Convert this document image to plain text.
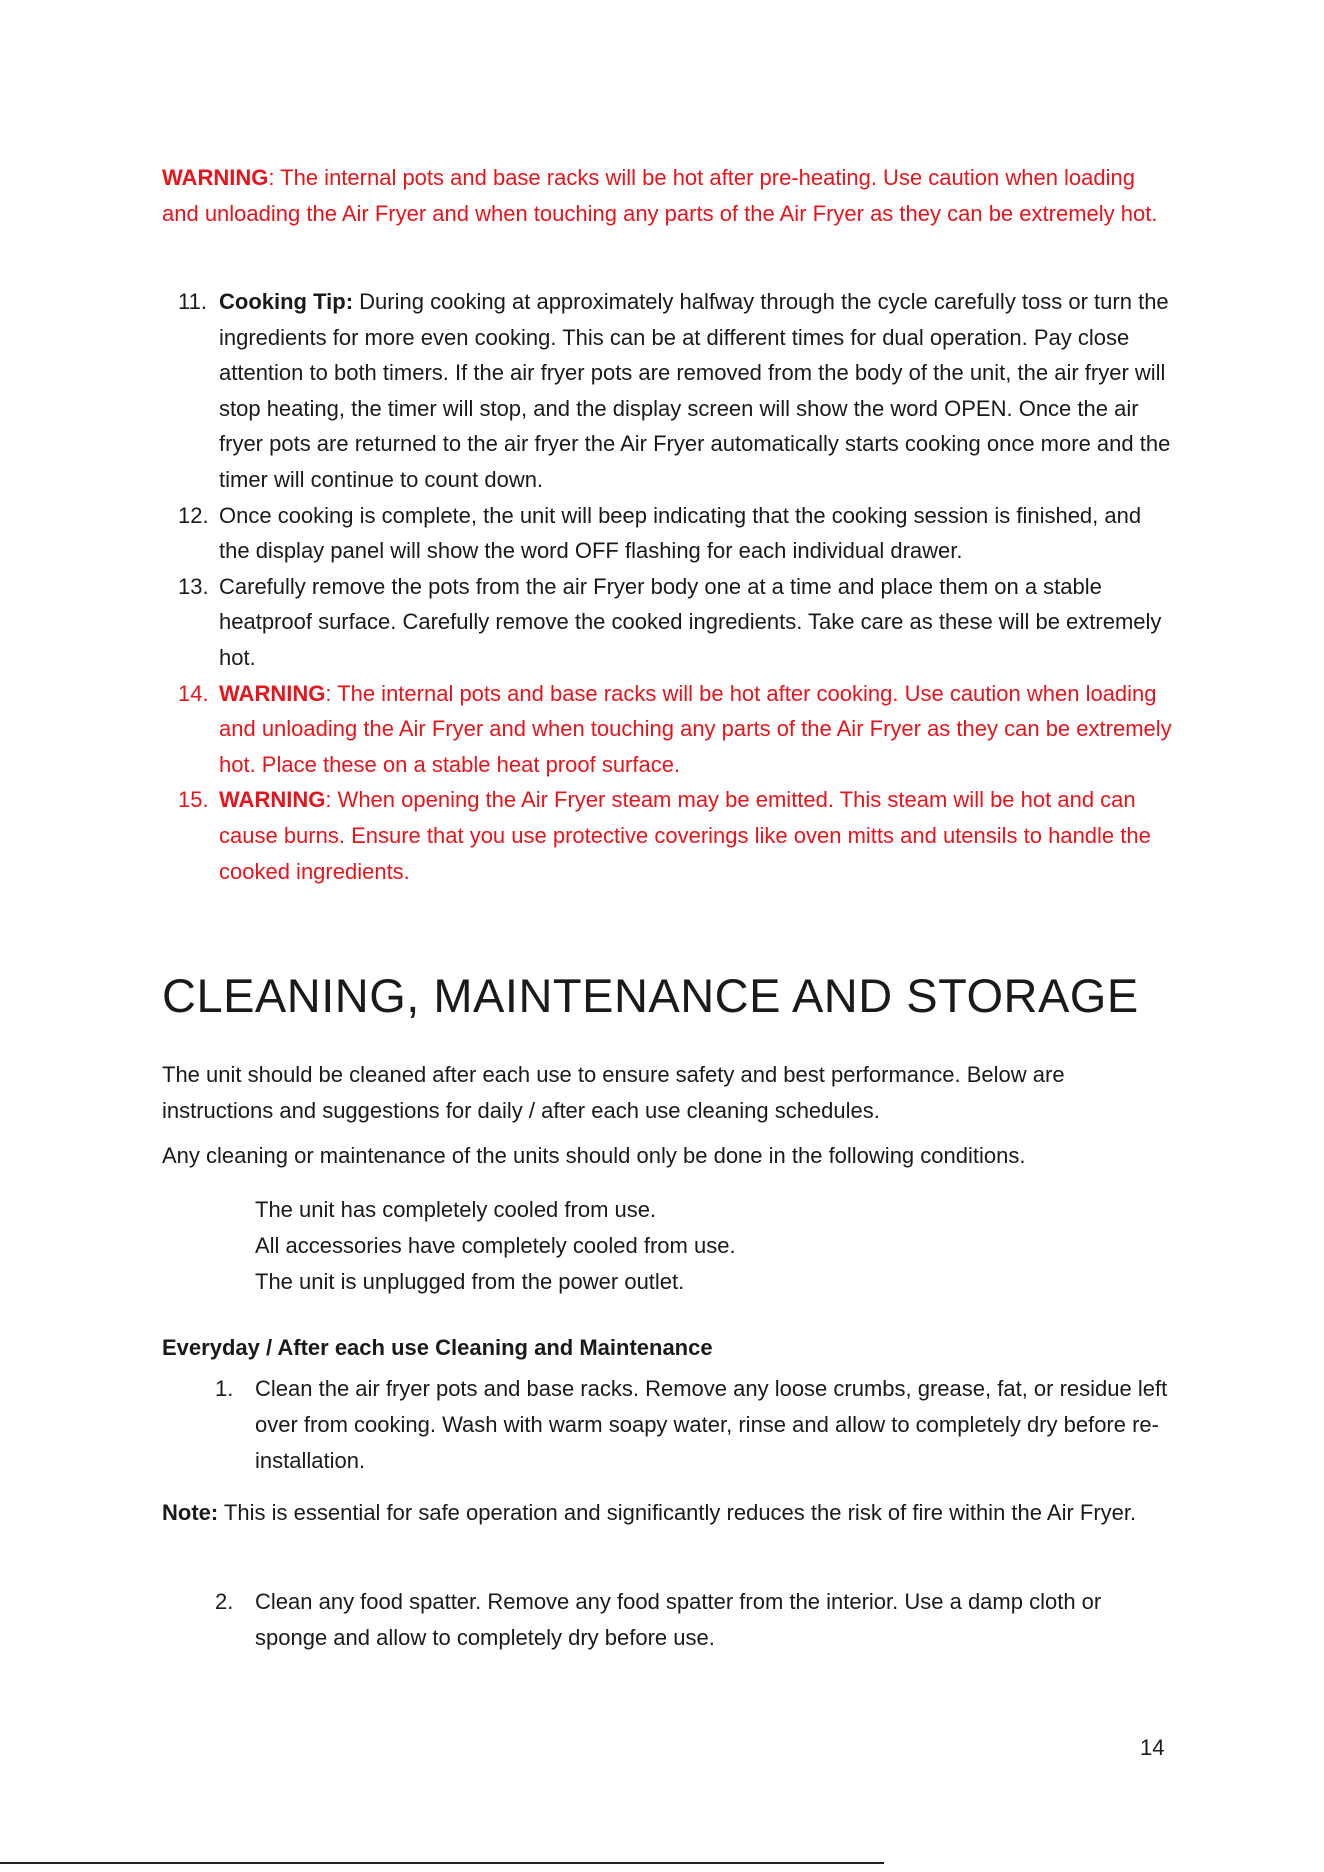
WARNING: The internal pots and base racks will be hot after pre-heating. Use caution when loading and unloading the Air Fryer and when touching any parts of the Air Fryer as they can be extremely hot.

11. Cooking Tip: During cooking at approximately halfway through the cycle carefully toss or turn the ingredients for more even cooking. This can be at different times for dual operation. Pay close attention to both timers. If the air fryer pots are removed from the body of the unit, the air fryer will stop heating, the timer will stop, and the display screen will show the word OPEN. Once the air fryer pots are returned to the air fryer the Air Fryer automatically starts cooking once more and the timer will continue to count down.
12. Once cooking is complete, the unit will beep indicating that the cooking session is finished, and the display panel will show the word OFF flashing for each individual drawer.
13. Carefully remove the pots from the air Fryer body one at a time and place them on a stable heatproof surface. Carefully remove the cooked ingredients. Take care as these will be extremely hot.
14. WARNING: The internal pots and base racks will be hot after cooking. Use caution when loading and unloading the Air Fryer and when touching any parts of the Air Fryer as they can be extremely hot. Place these on a stable heat proof surface.
15. WARNING: When opening the Air Fryer steam may be emitted. This steam will be hot and can cause burns. Ensure that you use protective coverings like oven mitts and utensils to handle the cooked ingredients.
CLEANING, MAINTENANCE AND STORAGE

The unit should be cleaned after each use to ensure safety and best performance. Below are instructions and suggestions for daily / after each use cleaning schedules.

Any cleaning or maintenance of the units should only be done in the following conditions.

The unit has completely cooled from use.
All accessories have completely cooled from use.
The unit is unplugged from the power outlet.
Everyday / After each use Cleaning and Maintenance
1. Clean the air fryer pots and base racks. Remove any loose crumbs, grease, fat, or residue left over from cooking. Wash with warm soapy water, rinse and allow to completely dry before re-installation.

Note: This is essential for safe operation and significantly reduces the risk of fire within the Air Fryer.

2. Clean any food spatter. Remove any food spatter from the interior. Use a damp cloth or sponge and allow to completely dry before use.
14
